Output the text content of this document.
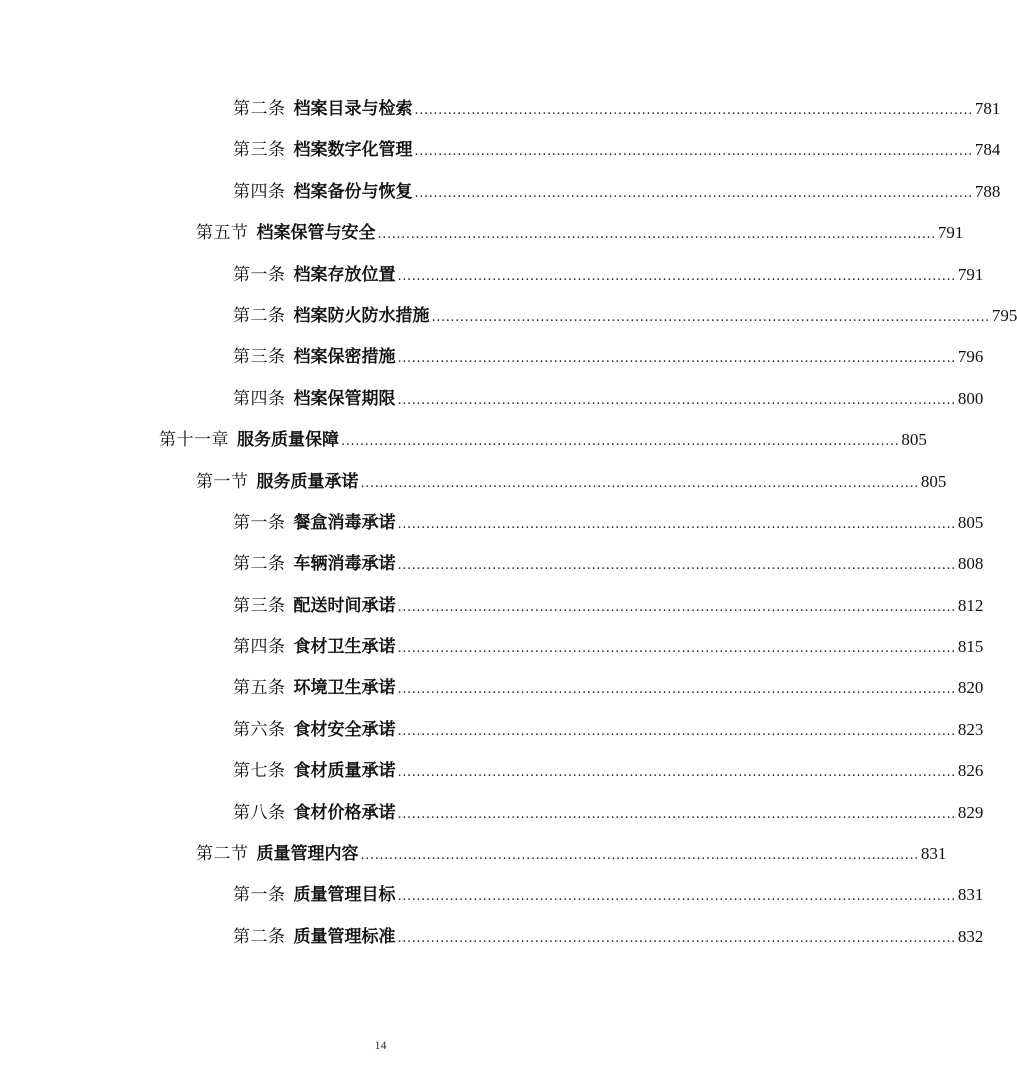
第二条 档案目录与检索 ...................................................................................................................... 781
第三条 档案数字化管理 ...................................................................................................................... 784
第四条 档案备份与恢复 ...................................................................................................................... 788
第五节 档案保管与安全 ...................................................................................................................... 791
第一条 档案存放位置 ...................................................................................................................... 791
第二条 档案防火防水措施 ...................................................................................................................... 795
第三条 档案保密措施 ...................................................................................................................... 796
第四条 档案保管期限 ...................................................................................................................... 800
第十一章 服务质量保障 ...................................................................................................................... 805
第一节 服务质量承诺 ...................................................................................................................... 805
第一条 餐盒消毒承诺 ...................................................................................................................... 805
第二条 车辆消毒承诺 ...................................................................................................................... 808
第三条 配送时间承诺 ...................................................................................................................... 812
第四条 食材卫生承诺 ...................................................................................................................... 815
第五条 环境卫生承诺 ...................................................................................................................... 820
第六条 食材安全承诺 ...................................................................................................................... 823
第七条 食材质量承诺 ...................................................................................................................... 826
第八条 食材价格承诺 ...................................................................................................................... 829
第二节 质量管理内容 ...................................................................................................................... 831
第一条 质量管理目标 ...................................................................................................................... 831
第二条 质量管理标准 ...................................................................................................................... 832
14
